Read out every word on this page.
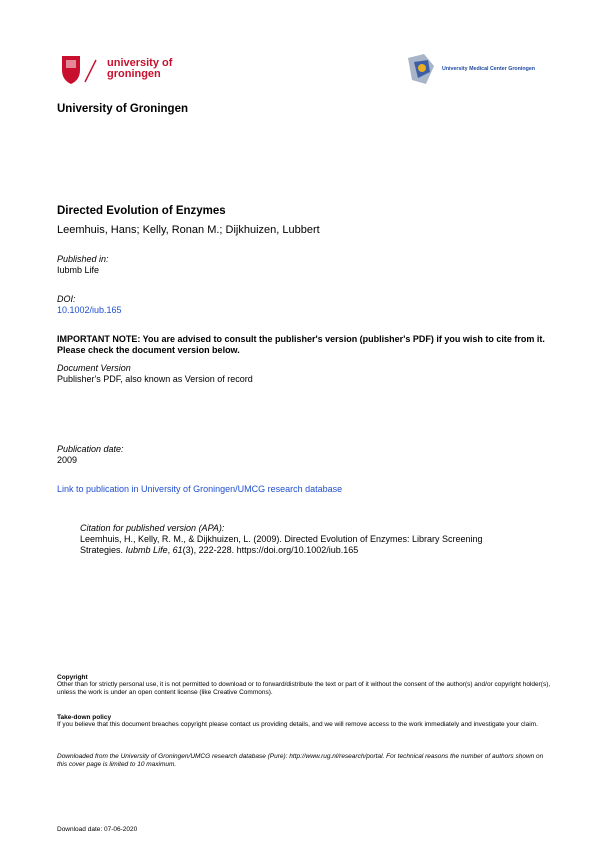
university of
groningen	University Medical Center Groningen
University of Groningen
Directed Evolution of Enzymes
Leemhuis, Hans; Kelly, Ronan M.; Dijkhuizen, Lubbert
Published in:
Iubmb Life
DOI:
10.1002/iub.165
IMPORTANT NOTE: You are advised to consult the publisher's version (publisher's PDF) if you wish to cite from it. Please check the document version below.
Document Version
Publisher's PDF, also known as Version of record
Publication date:
2009
Link to publication in University of Groningen/UMCG research database
Citation for published version (APA):
Leemhuis, H., Kelly, R. M., & Dijkhuizen, L. (2009). Directed Evolution of Enzymes: Library Screening
Strategies. Iubmb Life, 61(3), 222-228. https://doi.org/10.1002/iub.165
Copyright
Other than for strictly personal use, it is not permitted to download or to forward/distribute the text or part of it without the consent of the author(s) and/or copyright holder(s), unless the work is under an open content license (like Creative Commons).
Take-down policy
If you believe that this document breaches copyright please contact us providing details, and we will remove access to the work immediately and investigate your claim.
Downloaded from the University of Groningen/UMCG research database (Pure): http://www.rug.nl/research/portal. For technical reasons the number of authors shown on this cover page is limited to 10 maximum.
Download date: 07-06-2020
